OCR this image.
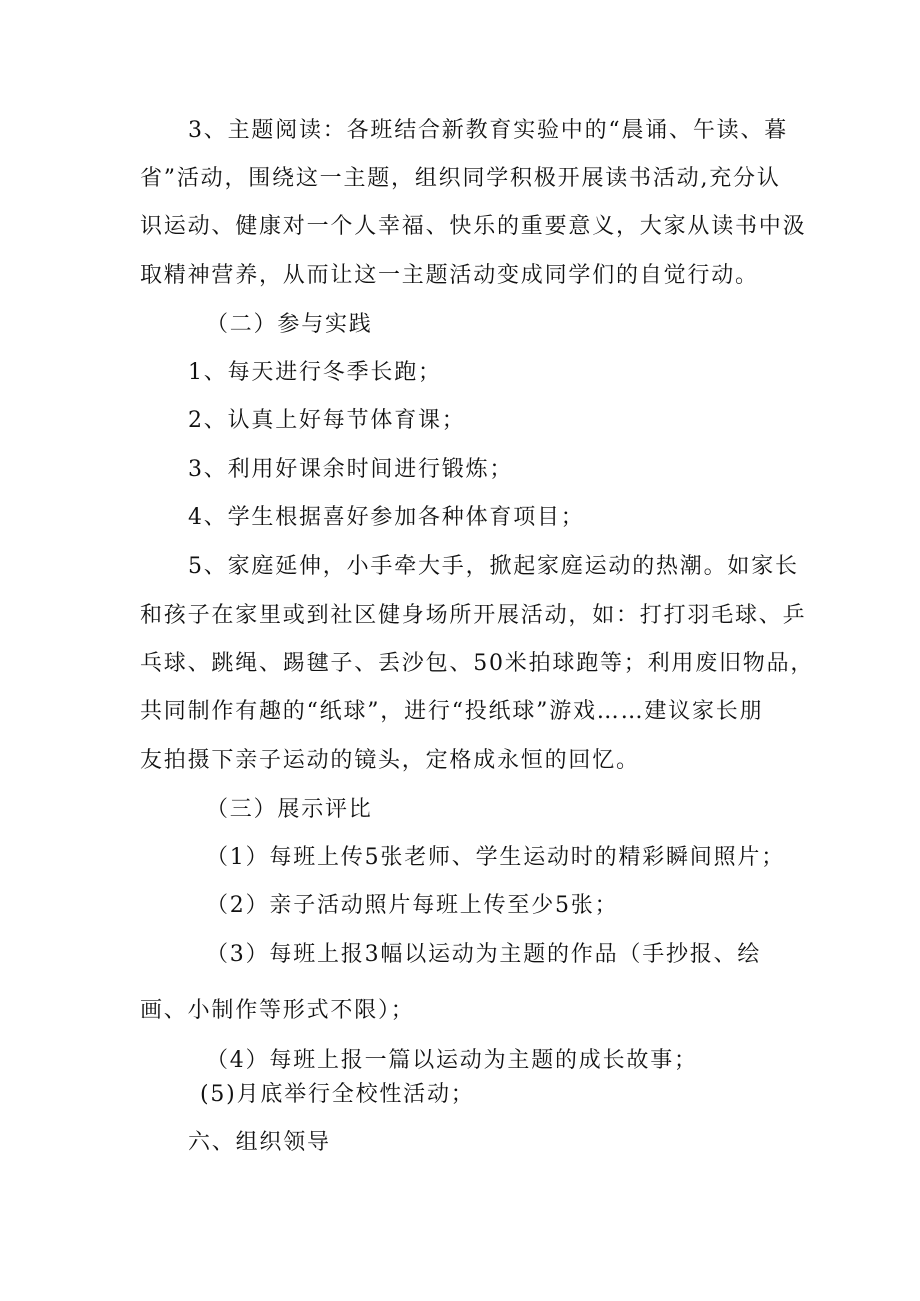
3、主题阅读：各班结合新教育实验中的“晨诵、午读、暮
省”活动，围绕这一主题，组织同学积极开展读书活动,充分认
识运动、健康对一个人幸福、快乐的重要意义，大家从读书中汲
取精神营养，从而让这一主题活动变成同学们的自觉行动。
（二）参与实践
1、每天进行冬季长跑；
2、认真上好每节体育课；
3、利用好课余时间进行锻炼；
4、学生根据喜好参加各种体育项目；
5、家庭延伸，小手牵大手，掀起家庭运动的热潮。如家长
和孩子在家里或到社区健身场所开展活动，如：打打羽毛球、乒
乓球、跳绳、踢毽子、丢沙包、50米拍球跑等；利用废旧物品，
共同制作有趣的“纸球”，进行“投纸球”游戏……建议家长朋
友拍摄下亲子运动的镜头，定格成永恒的回忆。
（三）展示评比
（1）每班上传5张老师、学生运动时的精彩瞬间照片；
（2）亲子活动照片每班上传至少5张；
（3）每班上报3幅以运动为主题的作品（手抄报、绘
画、小制作等形式不限）；
（4）每班上报一篇以运动为主题的成长故事；
(5)月底举行全校性活动；
六、组织领导
